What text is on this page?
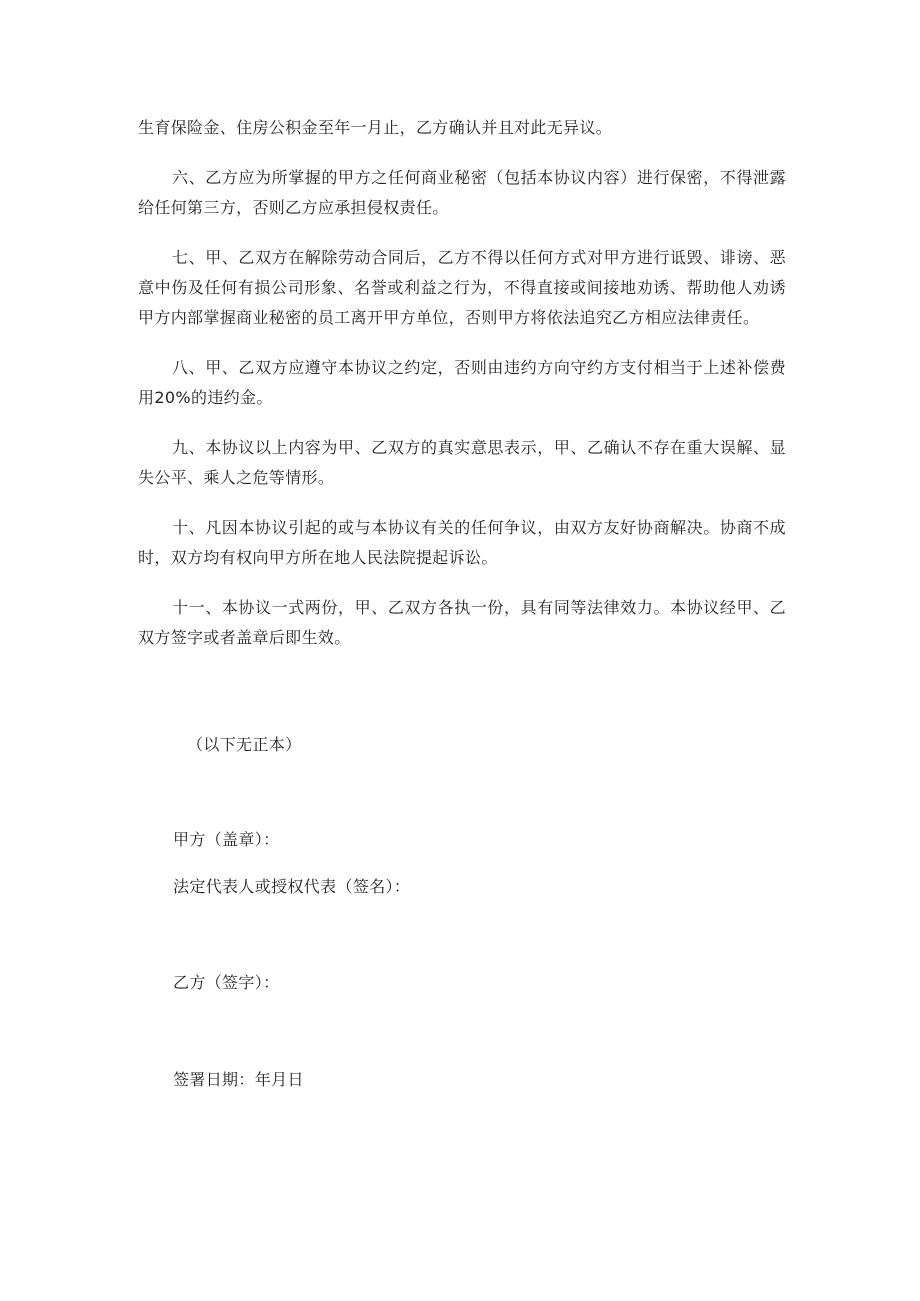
生育保险金、住房公积金至年一月止，乙方确认并且对此无异议。

六、乙方应为所掌握的甲方之任何商业秘密（包括本协议内容）进行保密，不得泄露给任何第三方，否则乙方应承担侵权责任。

七、甲、乙双方在解除劳动合同后，乙方不得以任何方式对甲方进行诋毁、诽谤、恶意中伤及任何有损公司形象、名誉或利益之行为，不得直接或间接地劝诱、帮助他人劝诱甲方内部掌握商业秘密的员工离开甲方单位，否则甲方将依法追究乙方相应法律责任。

八、甲、乙双方应遵守本协议之约定，否则由违约方向守约方支付相当于上述补偿费用20%的违约金。

九、本协议以上内容为甲、乙双方的真实意思表示，甲、乙确认不存在重大误解、显失公平、乘人之危等情形。

十、凡因本协议引起的或与本协议有关的任何争议，由双方友好协商解决。协商不成时，双方均有权向甲方所在地人民法院提起诉讼。

十一、本协议一式两份，甲、乙双方各执一份，具有同等法律效力。本协议经甲、乙双方签字或者盖章后即生效。

（以下无正本）
甲方（盖章）：
法定代表人或授权代表（签名）：
乙方（签字）：
签署日期：年月日
